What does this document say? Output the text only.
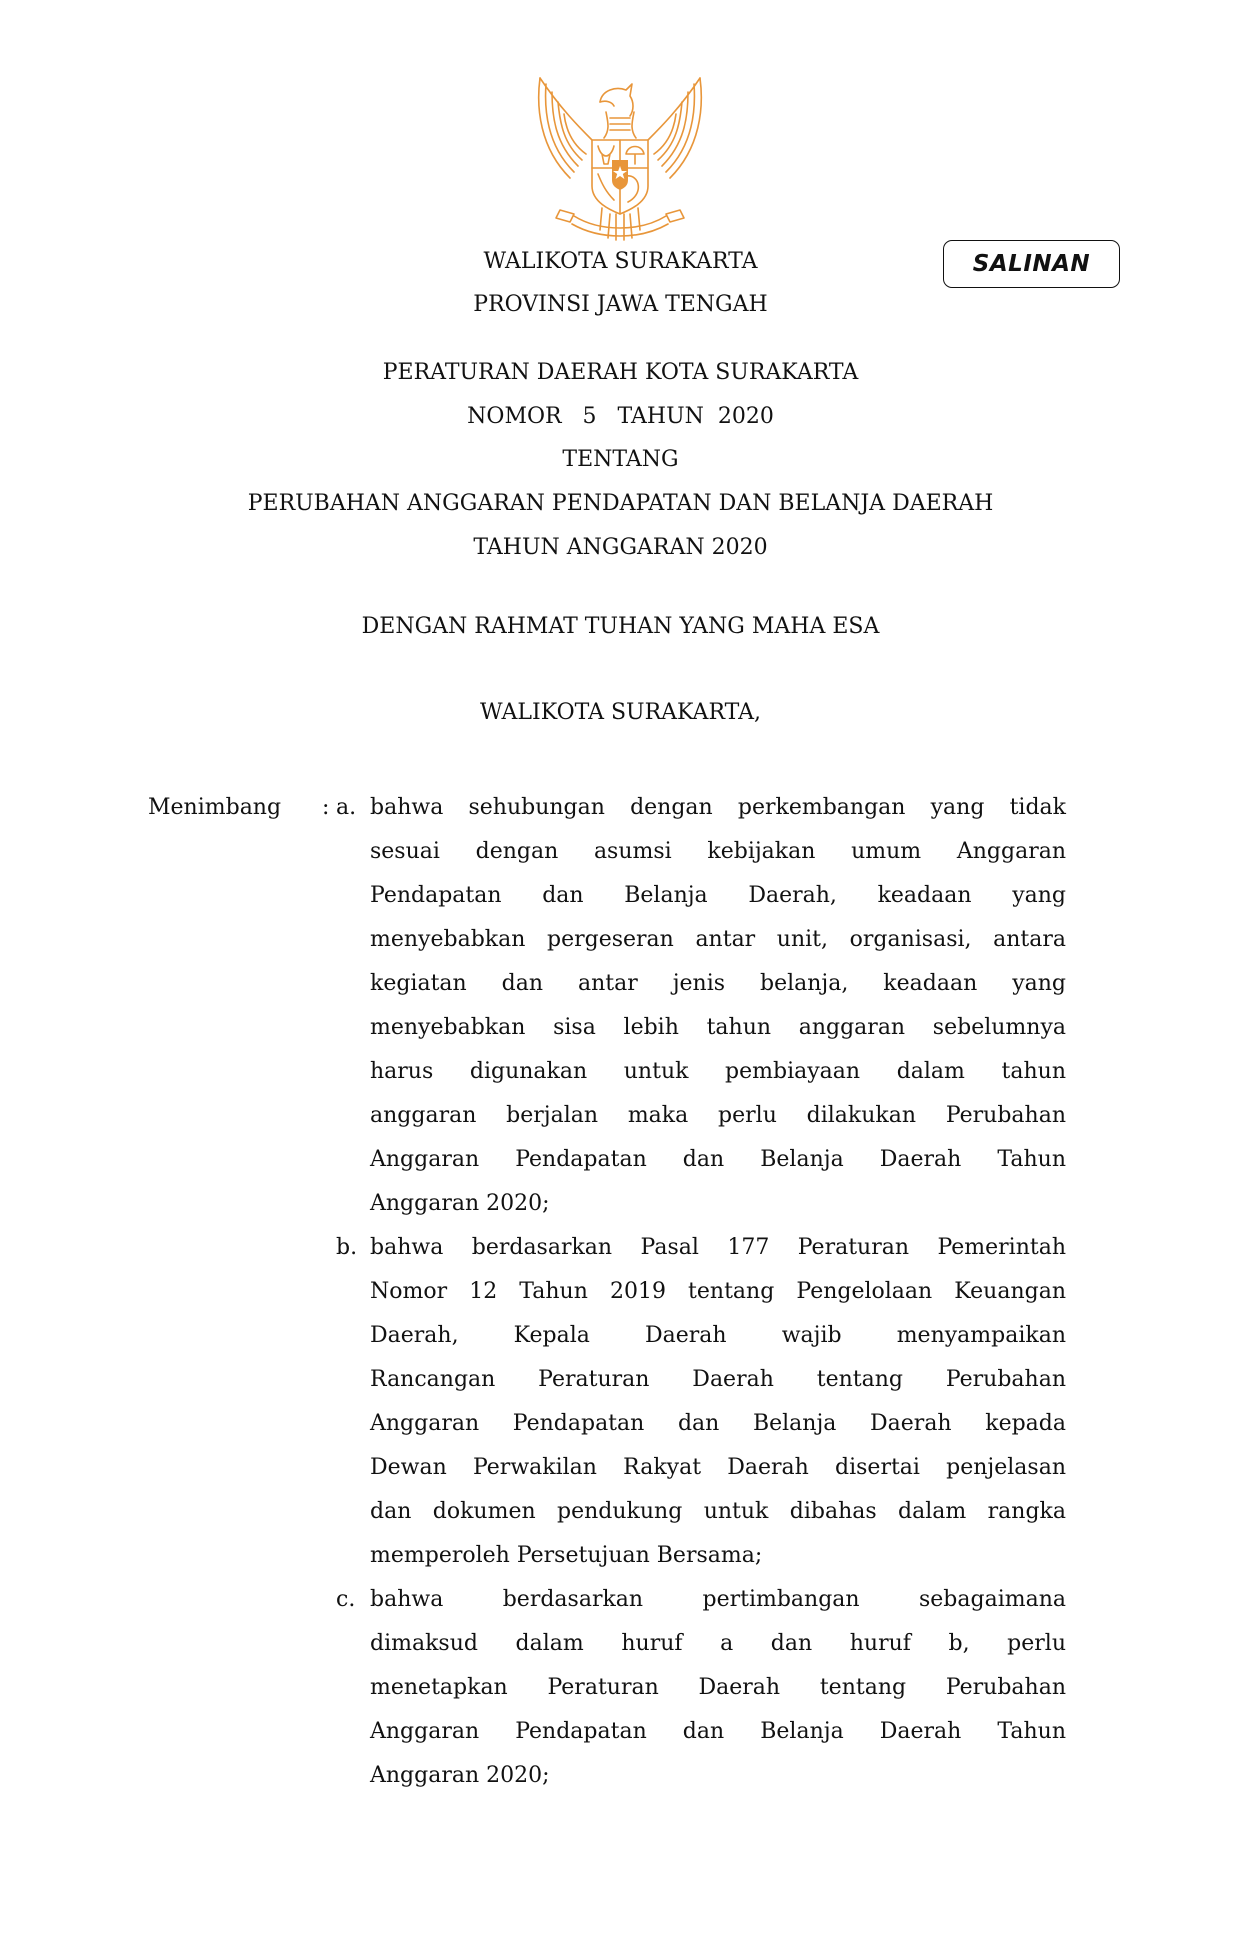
SALINAN
WALIKOTA SURAKARTA
PROVINSI JAWA TENGAH
PERATURAN DAERAH KOTA SURAKARTA
NOMOR   5   TAHUN  2020
TENTANG
PERUBAHAN ANGGARAN PENDAPATAN DAN BELANJA DAERAH
TAHUN ANGGARAN 2020
DENGAN RAHMAT TUHAN YANG MAHA ESA
WALIKOTA SURAKARTA,
Menimbang : a. bahwa sehubungan dengan perkembangan yang tidak
sesuai dengan asumsi kebijakan umum Anggaran
Pendapatan dan Belanja Daerah, keadaan yang
menyebabkan pergeseran antar unit, organisasi, antara
kegiatan dan antar jenis belanja, keadaan yang
menyebabkan sisa lebih tahun anggaran sebelumnya
harus digunakan untuk pembiayaan dalam tahun
anggaran berjalan maka perlu dilakukan Perubahan
Anggaran Pendapatan dan Belanja Daerah Tahun
Anggaran 2020;
b. bahwa berdasarkan Pasal 177 Peraturan Pemerintah
Nomor 12 Tahun 2019 tentang Pengelolaan Keuangan
Daerah, Kepala Daerah wajib menyampaikan
Rancangan Peraturan Daerah tentang Perubahan
Anggaran Pendapatan dan Belanja Daerah kepada
Dewan Perwakilan Rakyat Daerah disertai penjelasan
dan dokumen pendukung untuk dibahas dalam rangka
memperoleh Persetujuan Bersama;
c. bahwa berdasarkan pertimbangan sebagaimana
dimaksud dalam huruf a dan huruf b, perlu
menetapkan Peraturan Daerah tentang Perubahan
Anggaran Pendapatan dan Belanja Daerah Tahun
Anggaran 2020;
